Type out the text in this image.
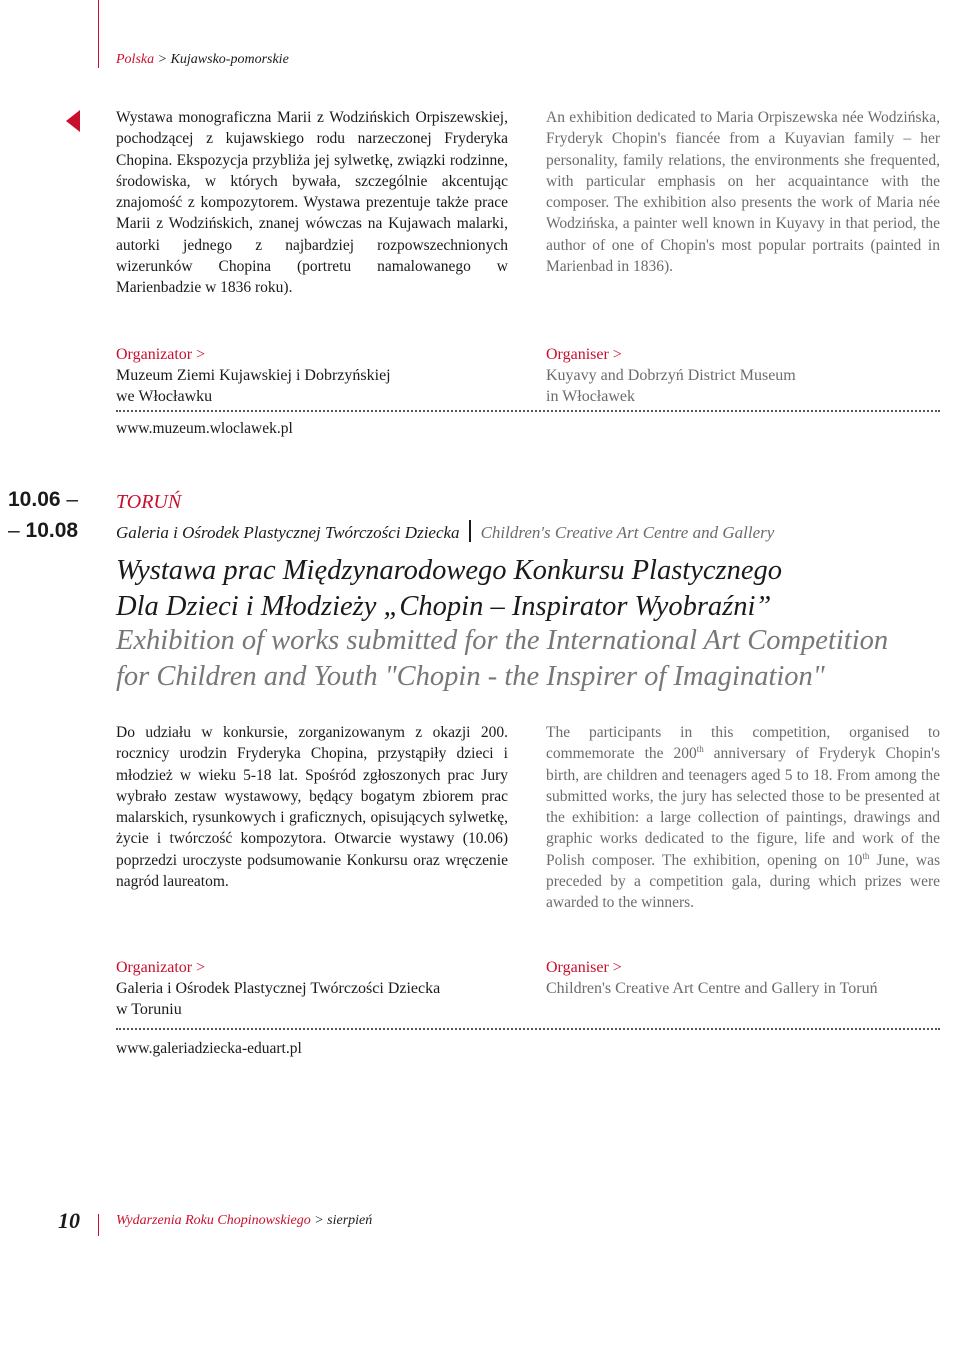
Polska > Kujawsko-pomorskie
Wystawa monograficzna Marii z Wodzińskich Orpiszewskiej, pochodzącej z kujawskiego rodu narzeczonej Fryderyka Chopina. Ekspozycja przybliża jej sylwetkę, związki rodzinne, środowiska, w których bywała, szczególnie akcentując znajomość z kompozytorem. Wystawa prezentuje także prace Marii z Wodzińskich, znanej wówczas na Kujawach malarki, autorki jednego z najbardziej rozpowszechnionych wizerunków Chopina (portretu namalowanego w Marienbadzie w 1836 roku).
An exhibition dedicated to Maria Orpiszewska née Wodzińska, Fryderyk Chopin's fiancée from a Kuyavian family – her personality, family relations, the environments she frequented, with particular emphasis on her acquaintance with the composer. The exhibition also presents the work of Maria née Wodzińska, a painter well known in Kuyavy in that period, the author of one of Chopin's most popular portraits (painted in Marienbad in 1836).
Organizator >
Muzeum Ziemi Kujawskiej i Dobrzyńskiej
we Włocławku
Organiser >
Kuyavy and Dobrzyń District Museum
in Włocławek
www.muzeum.wloclawek.pl
10.06 –
– 10.08
TORUŃ
Galeria i Ośrodek Plastycznej Twórczości Dziecka Children's Creative Art Centre and Gallery
Wystawa prac Międzynarodowego Konkursu Plastycznego
Dla Dzieci i Młodzieży „Chopin – Inspirator Wyobraźni”
Exhibition of works submitted for the International Art Competition
for Children and Youth "Chopin - the Inspirer of Imagination"
Do udziału w konkursie, zorganizowanym z okazji 200. rocznicy urodzin Fryderyka Chopina, przystąpiły dzieci i młodzież w wieku 5-18 lat. Spośród zgłoszonych prac Jury wybrało zestaw wystawowy, będący bogatym zbiorem prac malarskich, rysunkowych i graficznych, opisujących sylwetkę, życie i twórczość kompozytora. Otwarcie wystawy (10.06) poprzedzi uroczyste podsumowanie Konkursu oraz wręczenie nagród laureatom.
The participants in this competition, organised to commemorate the 200th anniversary of Fryderyk Chopin's birth, are children and teenagers aged 5 to 18. From among the submitted works, the jury has selected those to be presented at the exhibition: a large collection of paintings, drawings and graphic works dedicated to the figure, life and work of the Polish composer. The exhibition, opening on 10th June, was preceded by a competition gala, during which prizes were awarded to the winners.
Organizator >
Galeria i Ośrodek Plastycznej Twórczości Dziecka
w Toruniu
Organiser >
Children's Creative Art Centre and Gallery in Toruń
www.galeriadziecka-eduart.pl
10	Wydarzenia Roku Chopinowskiego > sierpień
